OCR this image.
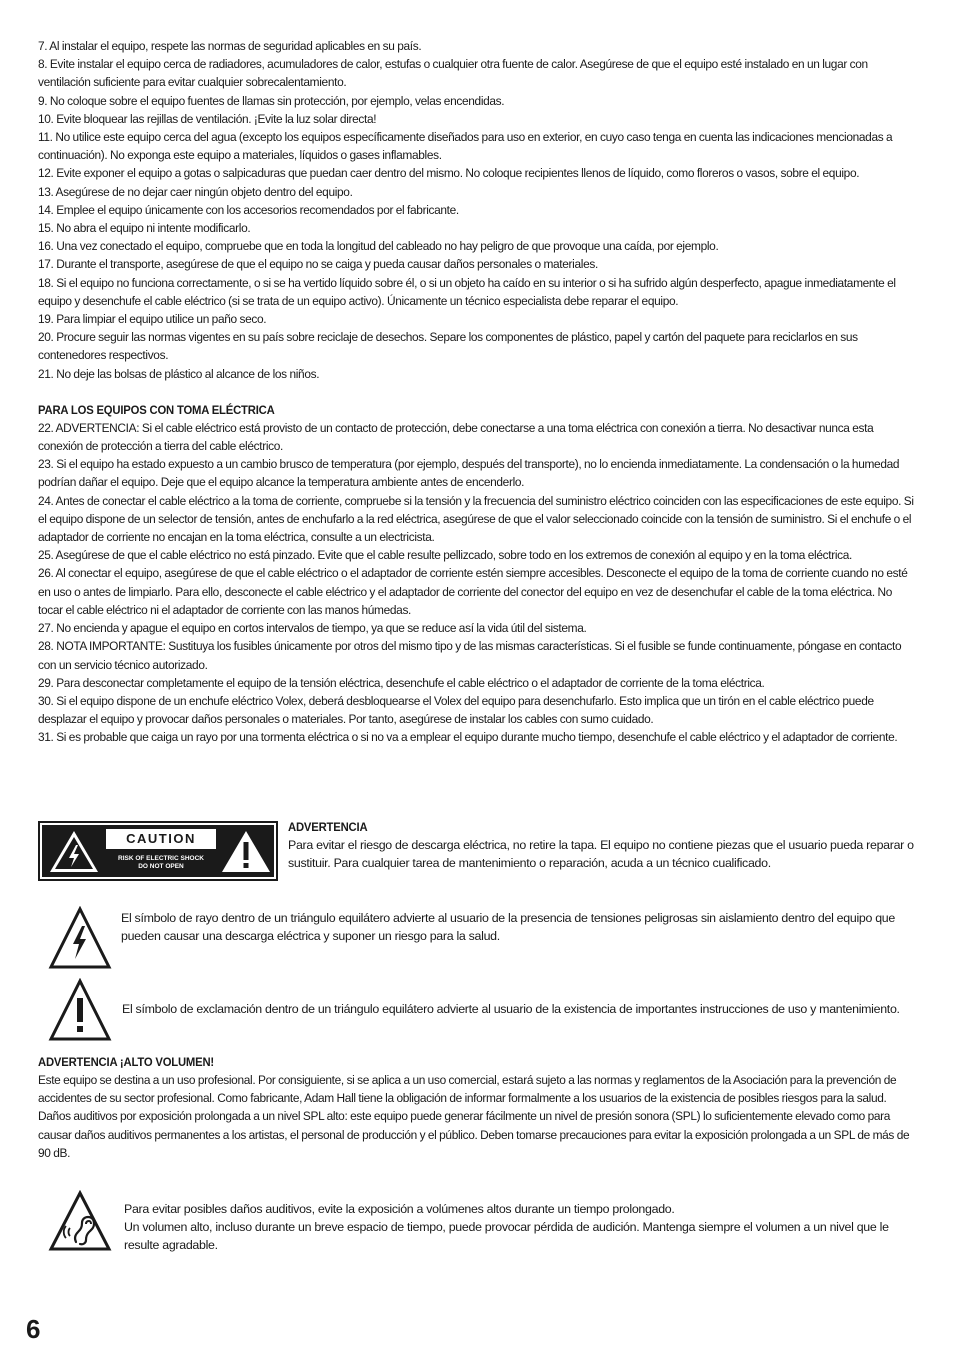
7. Al instalar el equipo, respete las normas de seguridad aplicables en su país.

8. Evite instalar el equipo cerca de radiadores, acumuladores de calor, estufas o cualquier otra fuente de calor. Asegúrese de que el equipo esté instalado en un lugar con ventilación suficiente para evitar cualquier sobrecalentamiento.

9. No coloque sobre el equipo fuentes de llamas sin protección, por ejemplo, velas encendidas.

10. Evite bloquear las rejillas de ventilación. ¡Evite la luz solar directa!

11. No utilice este equipo cerca del agua (excepto los equipos específicamente diseñados para uso en exterior, en cuyo caso tenga en cuenta las indicaciones mencionadas a continuación). No exponga este equipo a materiales, líquidos o gases inflamables.

12. Evite exponer el equipo a gotas o salpicaduras que puedan caer dentro del mismo. No coloque recipientes llenos de líquido, como floreros o vasos, sobre el equipo.

13. Asegúrese de no dejar caer ningún objeto dentro del equipo.

14. Emplee el equipo únicamente con los accesorios recomendados por el fabricante.

15. No abra el equipo ni intente modificarlo.

16. Una vez conectado el equipo, compruebe que en toda la longitud del cableado no hay peligro de que provoque una caída, por ejemplo.

17. Durante el transporte, asegúrese de que el equipo no se caiga y pueda causar daños personales o materiales.

18. Si el equipo no funciona correctamente, o si se ha vertido líquido sobre él, o si un objeto ha caído en su interior o si ha sufrido algún desperfecto, apague inmediatamente el equipo y desenchufe el cable eléctrico (si se trata de un equipo activo). Únicamente un técnico especialista debe reparar el equipo.

19. Para limpiar el equipo utilice un paño seco.

20. Procure seguir las normas vigentes en su país sobre reciclaje de desechos. Separe los componentes de plástico, papel y cartón del paquete para reciclarlos en sus contenedores respectivos.

21. No deje las bolsas de plástico al alcance de los niños.

PARA LOS EQUIPOS CON TOMA ELÉCTRICA

22. ADVERTENCIA: Si el cable eléctrico está provisto de un contacto de protección, debe conectarse a una toma eléctrica con conexión a tierra. No desactivar nunca esta conexión de protección a tierra del cable eléctrico.

23. Si el equipo ha estado expuesto a un cambio brusco de temperatura (por ejemplo, después del transporte), no lo encienda inmediatamente. La condensación o la humedad podrían dañar el equipo. Deje que el equipo alcance la temperatura ambiente antes de encenderlo.

24. Antes de conectar el cable eléctrico a la toma de corriente, compruebe si la tensión y la frecuencia del suministro eléctrico coinciden con las especificaciones de este equipo. Si el equipo dispone de un selector de tensión, antes de enchufarlo a la red eléctrica, asegúrese de que el valor seleccionado coincide con la tensión de suministro. Si el enchufe o el adaptador de corriente no encajan en la toma eléctrica, consulte a un electricista.

25. Asegúrese de que el cable eléctrico no está pinzado. Evite que el cable resulte pellizcado, sobre todo en los extremos de conexión al equipo y en la toma eléctrica.

26. Al conectar el equipo, asegúrese de que el cable eléctrico o el adaptador de corriente estén siempre accesibles. Desconecte el equipo de la toma de corriente cuando no esté en uso o antes de limpiarlo. Para ello, desconecte el cable eléctrico y el adaptador de corriente del conector del equipo en vez de desenchufar el cable de la toma eléctrica. No tocar el cable eléctrico ni el adaptador de corriente con las manos húmedas.

27. No encienda y apague el equipo en cortos intervalos de tiempo, ya que se reduce así la vida útil del sistema.

28. NOTA IMPORTANTE: Sustituya los fusibles únicamente por otros del mismo tipo y de las mismas características. Si el fusible se funde continuamente, póngase en contacto con un servicio técnico autorizado.

29. Para desconectar completamente el equipo de la tensión eléctrica, desenchufe el cable eléctrico o el adaptador de corriente de la toma eléctrica.

30. Si el equipo dispone de un enchufe eléctrico Volex, deberá desbloquearse el Volex del equipo para desenchufarlo. Esto implica que un tirón en el cable eléctrico puede desplazar el equipo y provocar daños personales o materiales. Por tanto, asegúrese de instalar los cables con sumo cuidado.

31. Si es probable que caiga un rayo por una tormenta eléctrica o si no va a emplear el equipo durante mucho tiempo, desenchufe el cable eléctrico y el adaptador de corriente.

CAUTION
RISK OF ELECTRIC SHOCK
DO NOT OPEN

ADVERTENCIA

Para evitar el riesgo de descarga eléctrica, no retire la tapa. El equipo no contiene piezas que el usuario pueda reparar o sustituir. Para cualquier tarea de mantenimiento o reparación, acuda a un técnico cualificado.

El símbolo de rayo dentro de un triángulo equilátero advierte al usuario de la presencia de tensiones peligrosas sin aislamiento dentro del equipo que pueden causar una descarga eléctrica y suponer un riesgo para la salud.

El símbolo de exclamación dentro de un triángulo equilátero advierte al usuario de la existencia de importantes instrucciones de uso y mantenimiento.

ADVERTENCIA ¡ALTO VOLUMEN!

Este equipo se destina a un uso profesional. Por consiguiente, si se aplica a un uso comercial, estará sujeto a las normas y reglamentos de la Asociación para la prevención de accidentes de su sector profesional. Como fabricante, Adam Hall tiene la obligación de informar formalmente a los usuarios de la existencia de posibles riesgos para la salud.

Daños auditivos por exposición prolongada a un nivel SPL alto: este equipo puede generar fácilmente un nivel de presión sonora (SPL) lo suficientemente elevado como para causar daños auditivos permanentes a los artistas, el personal de producción y el público. Deben tomarse precauciones para evitar la exposición prolongada a un SPL de más de 90 dB.

Para evitar posibles daños auditivos, evite la exposición a volúmenes altos durante un tiempo prolongado.

Un volumen alto, incluso durante un breve espacio de tiempo, puede provocar pérdida de audición. Mantenga siempre el volumen a un nivel que le resulte agradable.

6
